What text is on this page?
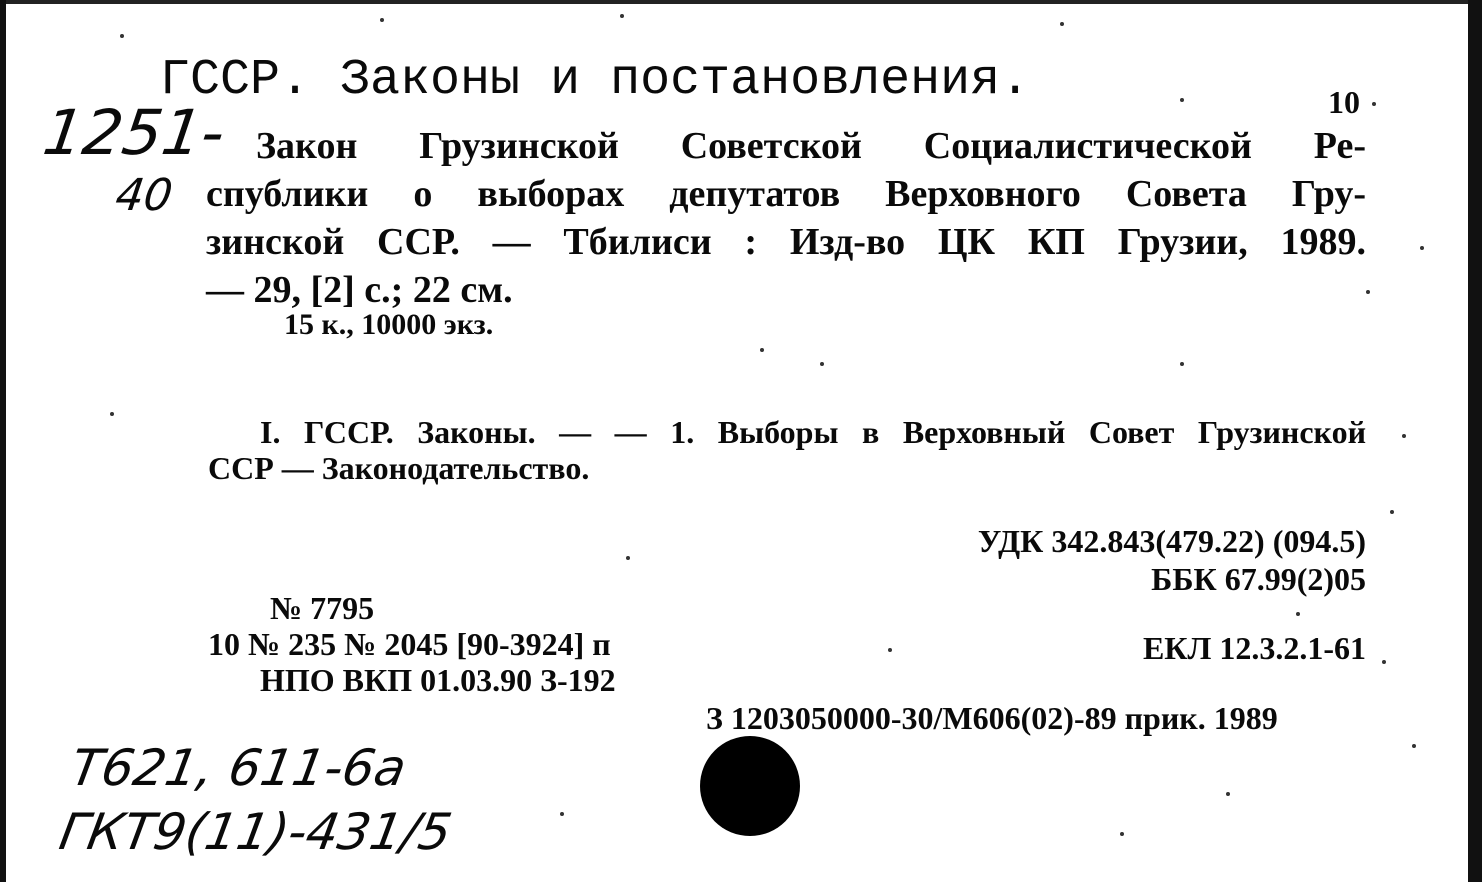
ГССР. Законы и постановления.	10
1251-
40
Закон Грузинской Советской Социалистической Ре-
спублики о выборах депутатов Верховного Совета Гру-
зинской ССР. — Тбилиси : Изд-во ЦК КП Грузии, 1989.
— 29, [2] с.; 22 см.
15 к., 10000 экз.
I. ГССР. Законы. — — 1. Выборы в Верховный Совет Грузинской
ССР — Законодательство.
УДК 342.843(479.22) (094.5)
ББК 67.99(2)05
ЕКЛ 12.3.2.1-61
№ 7795
10 № 235 № 2045 [90-3924] п
НПО ВКП 01.03.90 З-192
З 1203050000-30/М606(02)-89 прик. 1989
Т621, 611-6а
ГКТ9(11)-431/5
